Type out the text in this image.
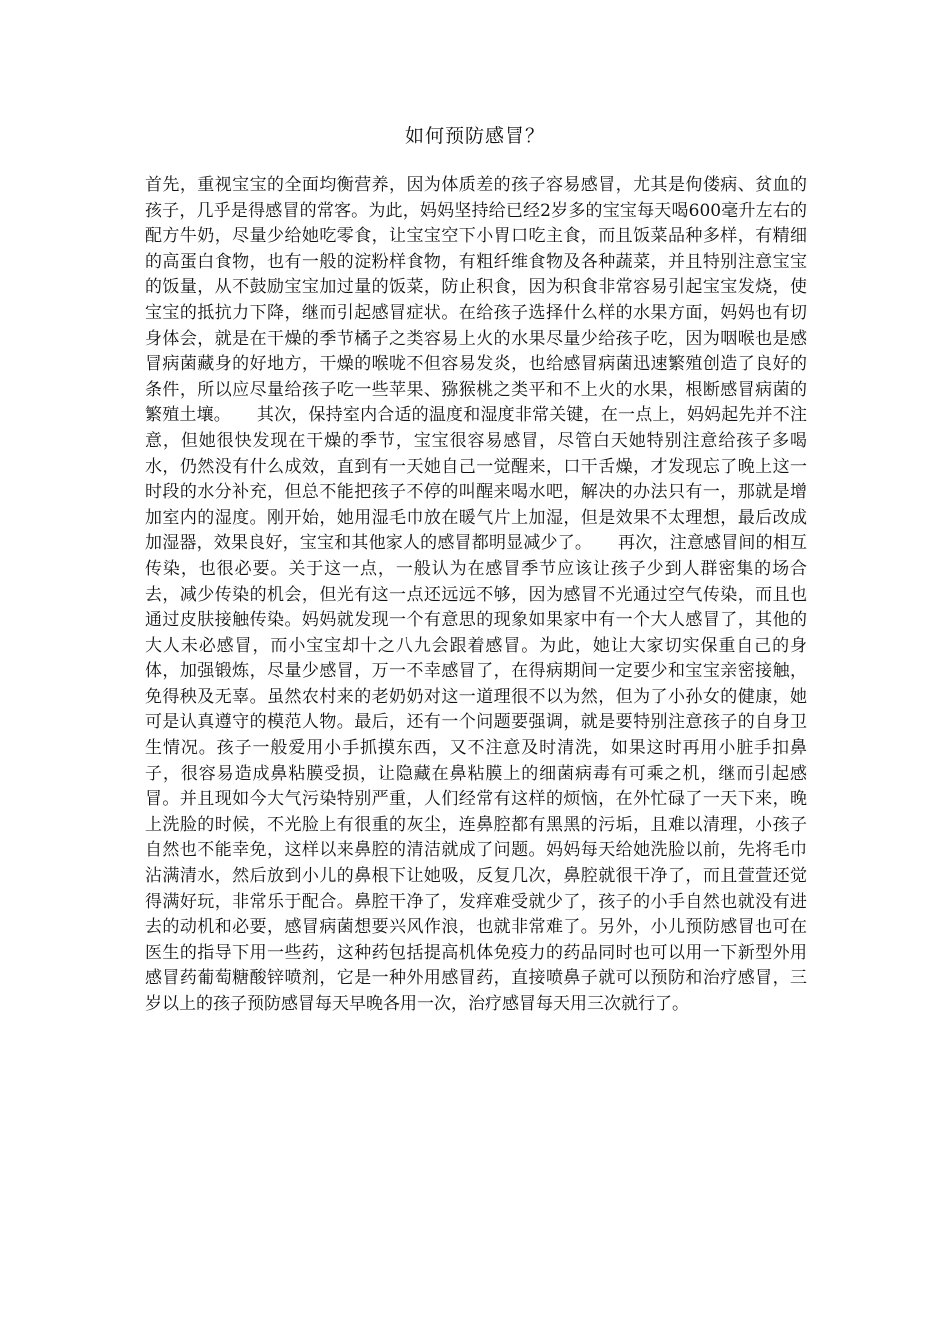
如何预防感冒？

首先，重视宝宝的全面均衡营养，因为体质差的孩子容易感冒，尤其是佝偻病、贫血的孩子，几乎是得感冒的常客。为此，妈妈坚持给已经2岁多的宝宝每天喝600毫升左右的配方牛奶，尽量少给她吃零食，让宝宝空下小胃口吃主食，而且饭菜品种多样，有精细的高蛋白食物，也有一般的淀粉样食物，有粗纤维食物及各种蔬菜，并且特别注意宝宝的饭量，从不鼓励宝宝加过量的饭菜，防止积食，因为积食非常容易引起宝宝发烧，使宝宝的抵抗力下降，继而引起感冒症状。在给孩子选择什么样的水果方面，妈妈也有切身体会，就是在干燥的季节橘子之类容易上火的水果尽量少给孩子吃，因为咽喉也是感冒病菌藏身的好地方，干燥的喉咙不但容易发炎，也给感冒病菌迅速繁殖创造了良好的条件，所以应尽量给孩子吃一些苹果、猕猴桃之类平和不上火的水果，根断感冒病菌的繁殖土壤。　　其次，保持室内合适的温度和湿度非常关键，在一点上，妈妈起先并不注意，但她很快发现在干燥的季节，宝宝很容易感冒，尽管白天她特别注意给孩子多喝水，仍然没有什么成效，直到有一天她自己一觉醒来，口干舌燥，才发现忘了晚上这一时段的水分补充，但总不能把孩子不停的叫醒来喝水吧，解决的办法只有一，那就是增加室内的湿度。刚开始，她用湿毛巾放在暖气片上加湿，但是效果不太理想，最后改成加湿器，效果良好，宝宝和其他家人的感冒都明显减少了。　　再次，注意感冒间的相互传染，也很必要。关于这一点，一般认为在感冒季节应该让孩子少到人群密集的场合去，减少传染的机会，但光有这一点还远远不够，因为感冒不光通过空气传染，而且也通过皮肤接触传染。妈妈就发现一个有意思的现象如果家中有一个大人感冒了，其他的大人未必感冒，而小宝宝却十之八九会跟着感冒。为此，她让大家切实保重自己的身体，加强锻炼，尽量少感冒，万一不幸感冒了，在得病期间一定要少和宝宝亲密接触，免得秧及无辜。虽然农村来的老奶奶对这一道理很不以为然，但为了小孙女的健康，她可是认真遵守的模范人物。最后，还有一个问题要强调，就是要特别注意孩子的自身卫生情况。孩子一般爱用小手抓摸东西，又不注意及时清洗，如果这时再用小脏手扣鼻子，很容易造成鼻粘膜受损，让隐藏在鼻粘膜上的细菌病毒有可乘之机，继而引起感冒。并且现如今大气污染特别严重，人们经常有这样的烦恼，在外忙碌了一天下来，晚上洗脸的时候，不光脸上有很重的灰尘，连鼻腔都有黑黑的污垢，且难以清理，小孩子自然也不能幸免，这样以来鼻腔的清洁就成了问题。妈妈每天给她洗脸以前，先将毛巾沾满清水，然后放到小儿的鼻根下让她吸，反复几次，鼻腔就很干净了，而且萱萱还觉得满好玩，非常乐于配合。鼻腔干净了，发痒难受就少了，孩子的小手自然也就没有进去的动机和必要，感冒病菌想要兴风作浪，也就非常难了。另外，小儿预防感冒也可在医生的指导下用一些药，这种药包括提高机体免疫力的药品同时也可以用一下新型外用感冒药葡萄糖酸锌喷剂，它是一种外用感冒药，直接喷鼻子就可以预防和治疗感冒，三岁以上的孩子预防感冒每天早晚各用一次，治疗感冒每天用三次就行了。
